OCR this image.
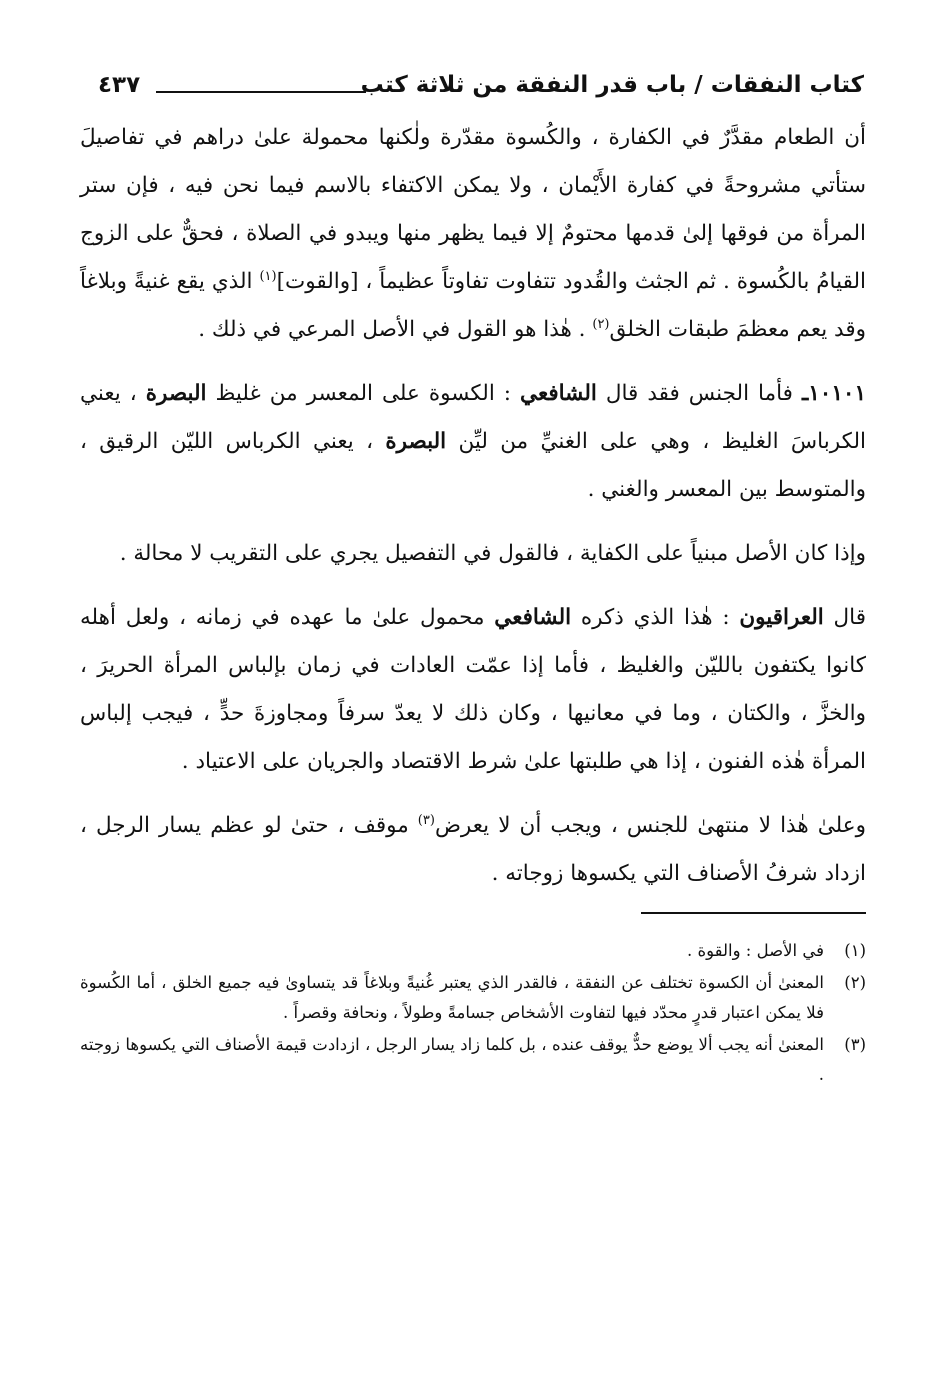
كتاب النفقات / باب قدر النفقة من ثلاثة كتب
٤٣٧

أن الطعام مقدَّرٌ في الكفارة ، والكُسوة مقدّرة ولٰكنها محمولة علىٰ دراهم في تفاصيلَ ستأتي مشروحةً في كفارة الأَيْمان ، ولا يمكن الاكتفاء بالاسم فيما نحن فيه ، فإن ستر المرأة من فوقها إلىٰ قدمها محتومٌ إلا فيما يظهر منها ويبدو في الصلاة ، فحقٌّ على الزوج القيامُ بالكُسوة . ثم الجثث والقُدود تتفاوت تفاوتاً عظيماً ، [والقوت]$^{(١)}$ الذي يقع غنيةً وبلاغاً وقد يعم معظمَ طبقات الخلق$^{(٢)}$ . هٰذا هو القول في الأصل المرعي في ذلك .

١٠١٠١ـ فأما الجنس فقد قال الشافعي : الكسوة على المعسر من غليظ البصرة ، يعني الكرباسَ الغليظ ، وهي على الغنيِّ من ليِّن البصرة ، يعني الكرباس الليّن الرقيق ، والمتوسط بين المعسر والغني .

وإذا كان الأصل مبنياً على الكفاية ، فالقول في التفصيل يجري على التقريب لا محالة .

قال العراقيون : هٰذا الذي ذكره الشافعي محمول علىٰ ما عهده في زمانه ، ولعل أهله كانوا يكتفون بالليّن والغليظ ، فأما إذا عمّت العادات في زمان بإلباس المرأة الحريرَ ، والخزَّ ، والكتان ، وما في معانيها ، وكان ذلك لا يعدّ سرفاً ومجاوزةَ حدٍّ ، فيجب إلباس المرأة هٰذه الفنون ، إذا هي طلبتها علىٰ شرط الاقتصاد والجريان على الاعتياد .

وعلىٰ هٰذا لا منتهىٰ للجنس ، ويجب أن لا يعرض$^{(٣)}$ موقف ، حتىٰ لو عظم يسار الرجل ، ازداد شرفُ الأصناف التي يكسوها زوجاته .

(١)
في الأصل : والقوة .
(٢)
المعنىٰ أن الكسوة تختلف عن النفقة ، فالقدر الذي يعتبر غُنيةً وبلاغاً قد يتساوىٰ فيه جميع الخلق ، أما الكُسوة فلا يمكن اعتبار قدرٍ محدّد فيها لتفاوت الأشخاص جسامةً وطولاً ، ونحافة وقصراً .
(٣)
المعنىٰ أنه يجب ألا يوضع حدٌّ يوقف عنده ، بل كلما زاد يسار الرجل ، ازدادت قيمة الأصناف التي يكسوها زوجته .
